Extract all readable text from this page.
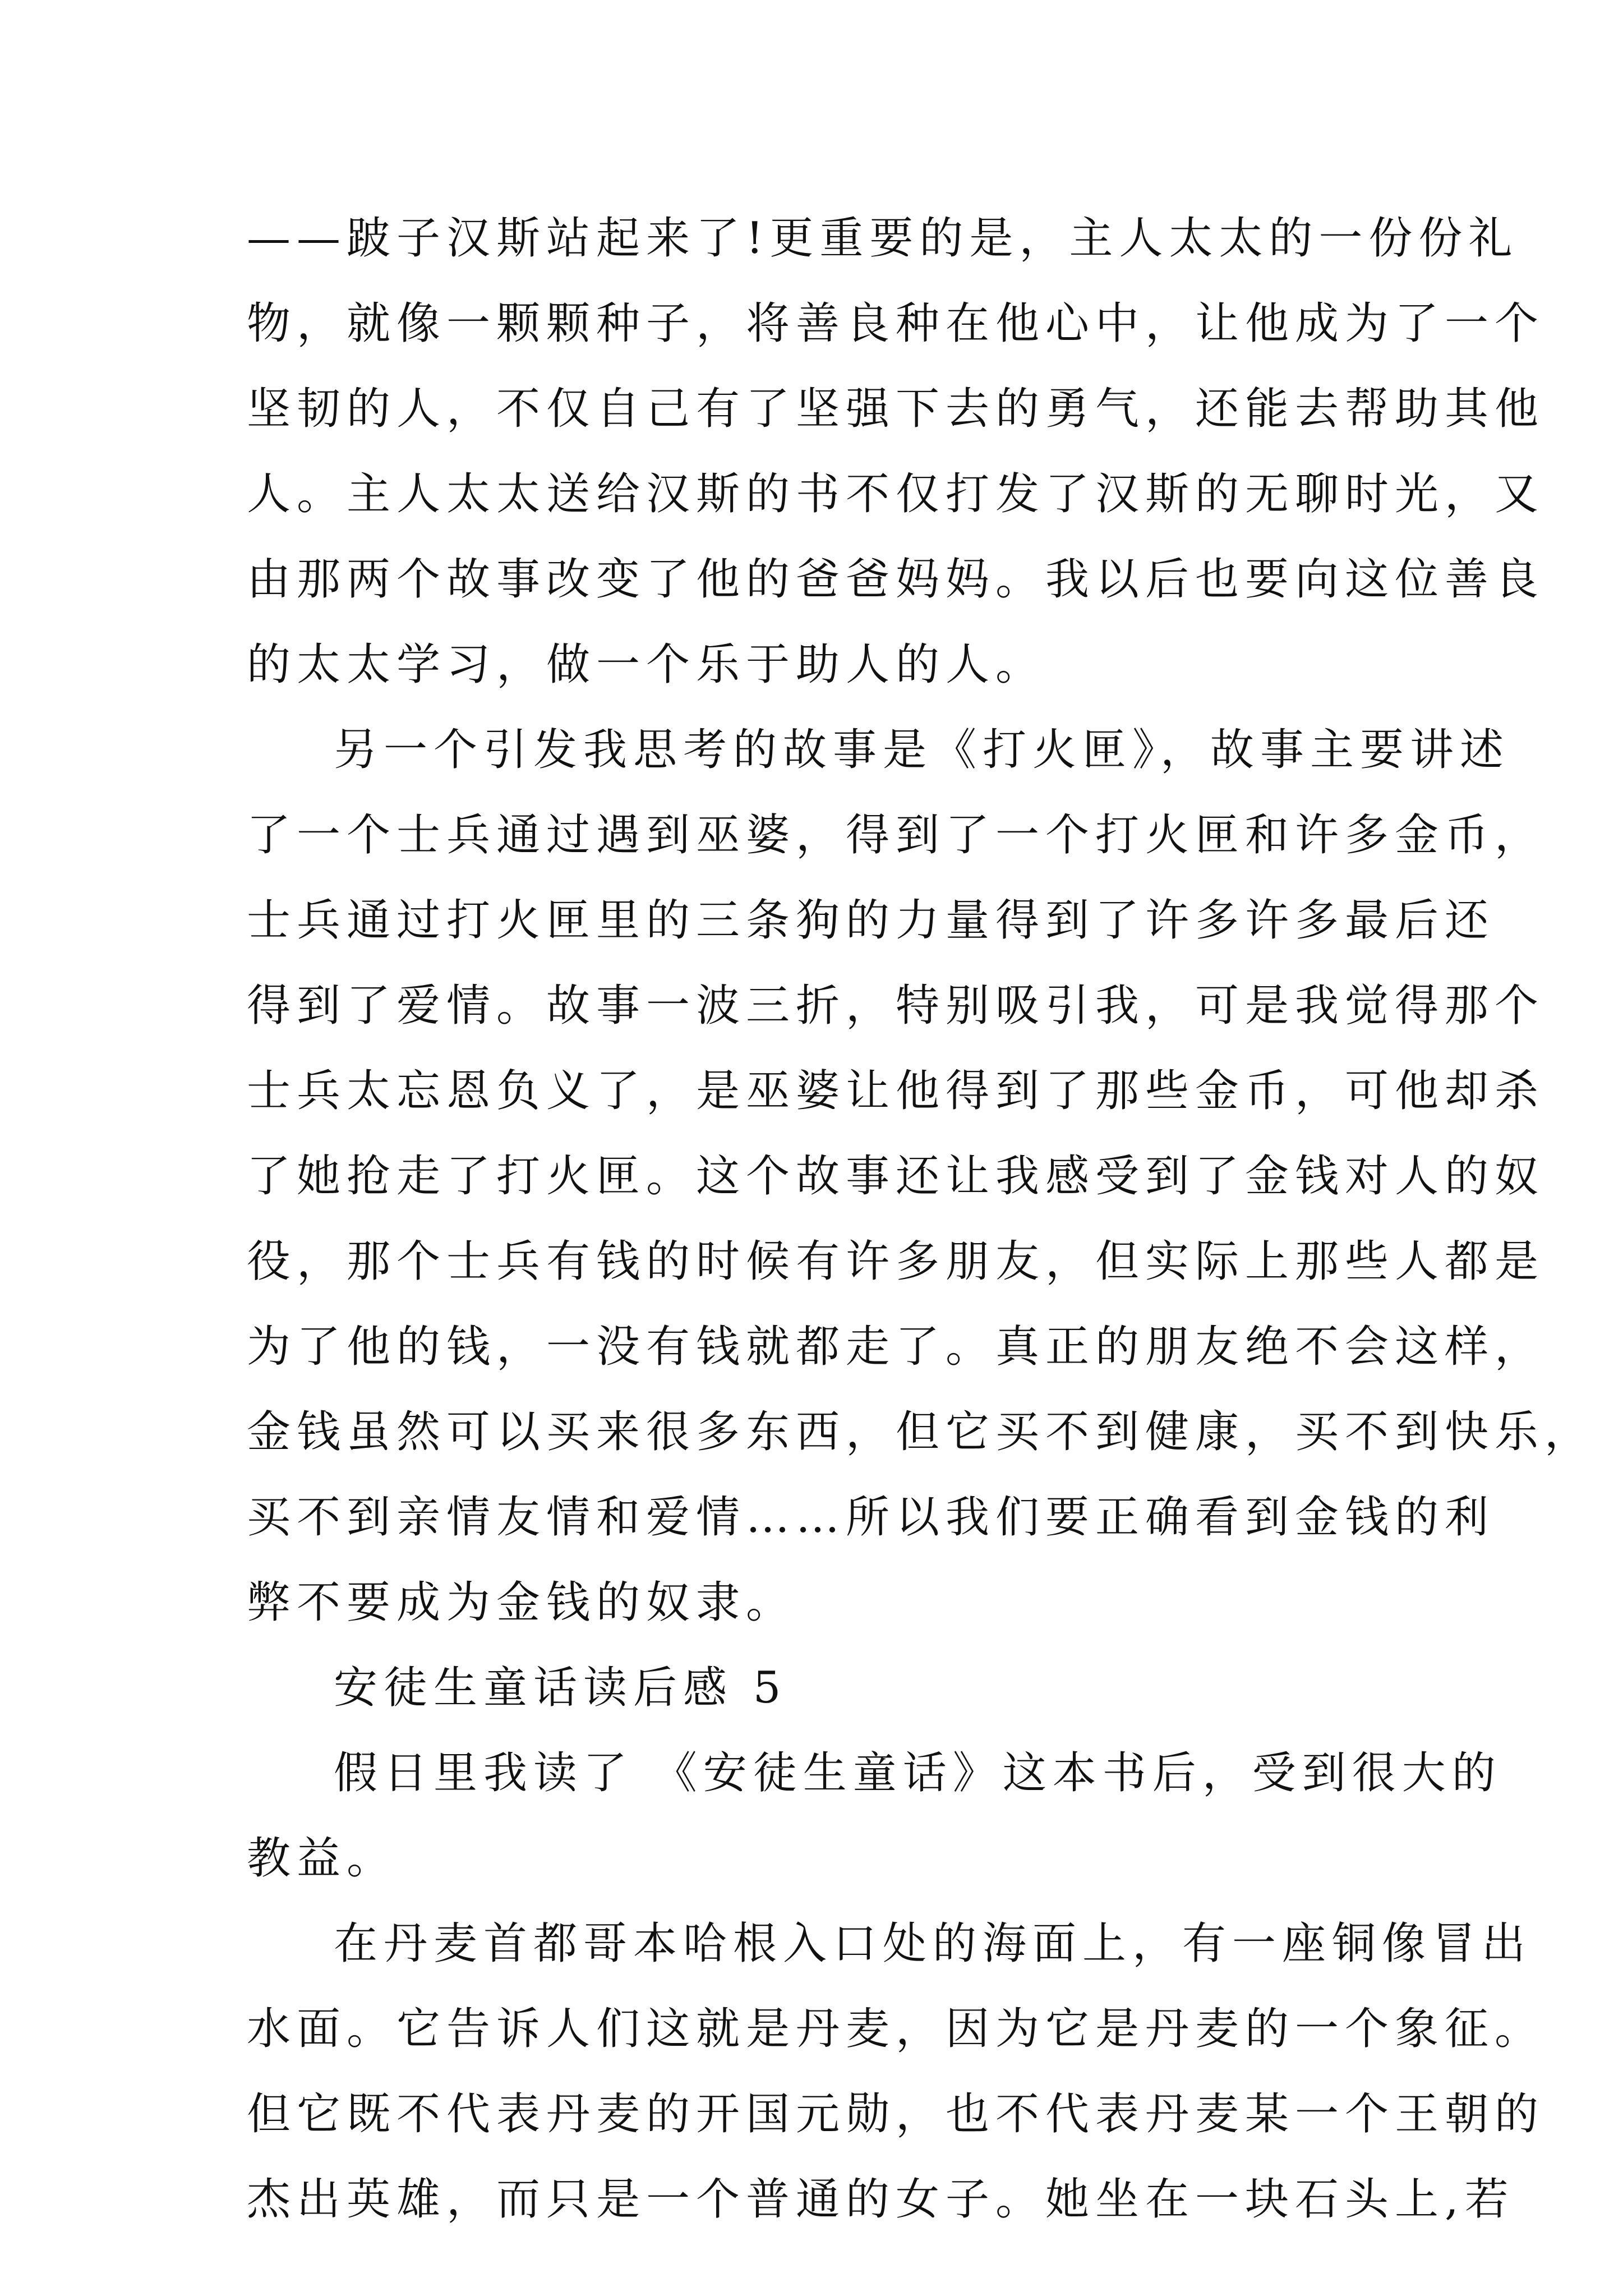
——跛子汉斯站起来了!更重要的是，主人太太的一份份礼
物，就像一颗颗种子，将善良种在他心中，让他成为了一个
坚韧的人，不仅自己有了坚强下去的勇气，还能去帮助其他
人。主人太太送给汉斯的书不仅打发了汉斯的无聊时光，又
由那两个故事改变了他的爸爸妈妈。我以后也要向这位善良
的太太学习，做一个乐于助人的人。
另一个引发我思考的故事是《打火匣》，故事主要讲述
了一个士兵通过遇到巫婆，得到了一个打火匣和许多金币，
士兵通过打火匣里的三条狗的力量得到了许多许多最后还
得到了爱情。故事一波三折，特别吸引我，可是我觉得那个
士兵太忘恩负义了，是巫婆让他得到了那些金币，可他却杀
了她抢走了打火匣。这个故事还让我感受到了金钱对人的奴
役，那个士兵有钱的时候有许多朋友，但实际上那些人都是
为了他的钱，一没有钱就都走了。真正的朋友绝不会这样，
金钱虽然可以买来很多东西，但它买不到健康，买不到快乐，
买不到亲情友情和爱情……所以我们要正确看到金钱的利
弊不要成为金钱的奴隶。
安徒生童话读后感 5
假日里我读了 《安徒生童话》这本书后，受到很大的
教益。
在丹麦首都哥本哈根入口处的海面上，有一座铜像冒出
水面。它告诉人们这就是丹麦，因为它是丹麦的一个象征。
但它既不代表丹麦的开国元勋，也不代表丹麦某一个王朝的
杰出英雄，而只是一个普通的女子。她坐在一块石头上,若
